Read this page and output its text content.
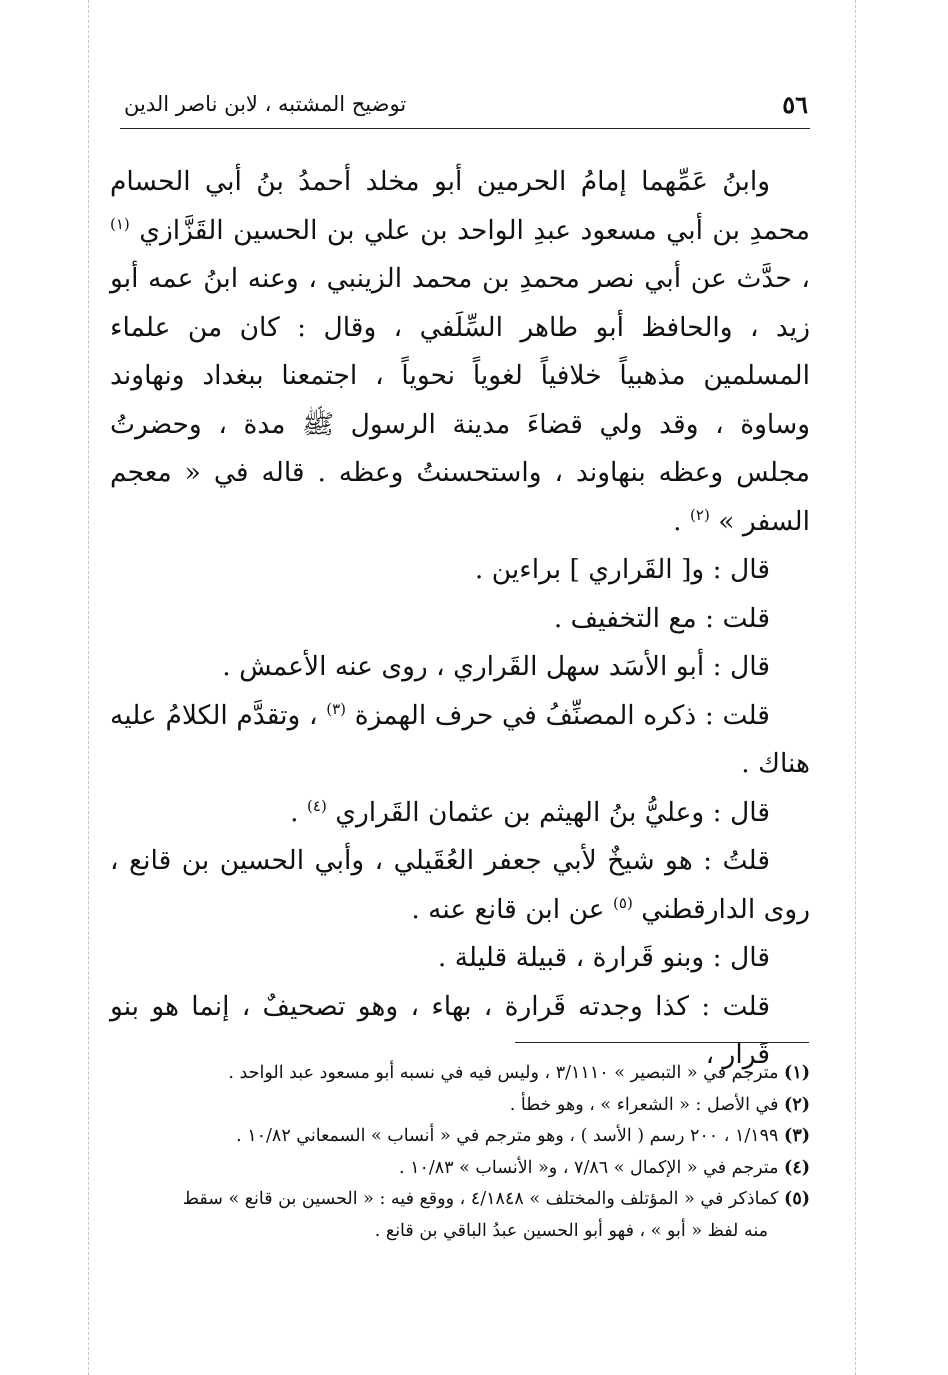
٥٦
توضيح المشتبه ، لابن ناصر الدين

وابنُ عَمِّهما إمامُ الحرمين أبو مخلد أحمدُ بنُ أبي الحسام محمدِ بن أبي مسعود عبدِ الواحد بن علي بن الحسين القَزَّازي $^{(١)}$ ، حدَّث عن أبي نصر محمدِ بن محمد الزينبي ، وعنه ابنُ عمه أبو زيد ، والحافظ أبو طاهر السِّلَفي ، وقال : كان من علماء المسلمين مذهبياً خلافياً لغوياً نحوياً ، اجتمعنا ببغداد ونهاوند وساوة ، وقد ولي قضاءَ مدينة الرسول ﷺ مدة ، وحضرتُ مجلس وعظه بنهاوند ، واستحسنتُ وعظه . قاله في « معجم السفر » $^{(٢)}$ .

قال : و[ القَراري ] براءين .

قلت : مع التخفيف .

قال : أبو الأسَد سهل القَراري ، روى عنه الأعمش .

قلت : ذكره المصنِّفُ في حرف الهمزة $^{(٣)}$ ، وتقدَّم الكلامُ عليه هناك .

قال : وعليُّ بنُ الهيثم بن عثمان القَراري $^{(٤)}$ .

قلتُ : هو شيخٌ لأبي جعفر العُقَيلي ، وأبي الحسين بن قانع ، روى الدارقطني $^{(٥)}$ عن ابن قانع عنه .

قال : وبنو قَرارة ، قبيلة قليلة .

قلت : كذا وجدته قَرارة ، بهاء ، وهو تصحيفٌ ، إنما هو بنو قَرار ،

(١) مترجم في « التبصير » ٣/١١١٠ ، وليس فيه في نسبه أبو مسعود عبد الواحد .

(٢) في الأصل : « الشعراء » ، وهو خطأ .

(٣) ١/١٩٩ ، ٢٠٠ رسم ( الأسد ) ، وهو مترجم في « أنساب » السمعاني ١٠/٨٢ .

(٤) مترجم في « الإكمال » ٧/٨٦ ، و« الأنساب » ١٠/٨٣ .

(٥) كماذكر في « المؤتلف والمختلف » ٤/١٨٤٨ ، ووقع فيه : « الحسين بن قانع » سقط

منه لفظ « أبو » ، فهو أبو الحسين عبدُ الباقي بن قانع .
